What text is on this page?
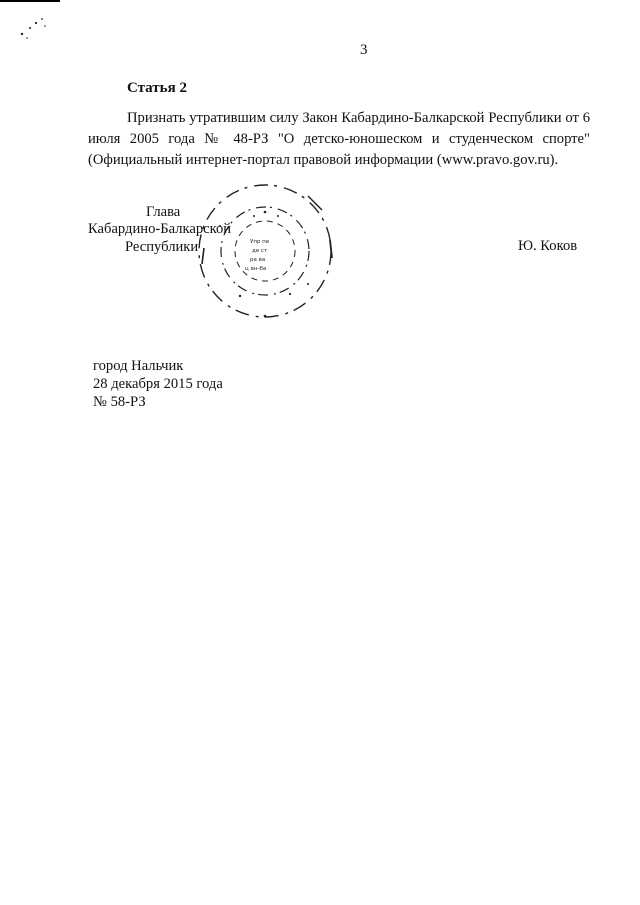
3
Статья 2

Признать утратившим силу Закон Кабардино-Балкарской Республики от 6 июля 2005 года № 48-РЗ "О детско-юношеском и студенческом спорте" (Официальный интернет-портал правовой информации (www.pravo.gov.ru).

Упр пе
де ст
ра ва
ц ан-ба
Глава
Кабардино-Балкарской
Республики	Ю. Коков
город Нальчик
28 декабря 2015 года
№ 58-РЗ
